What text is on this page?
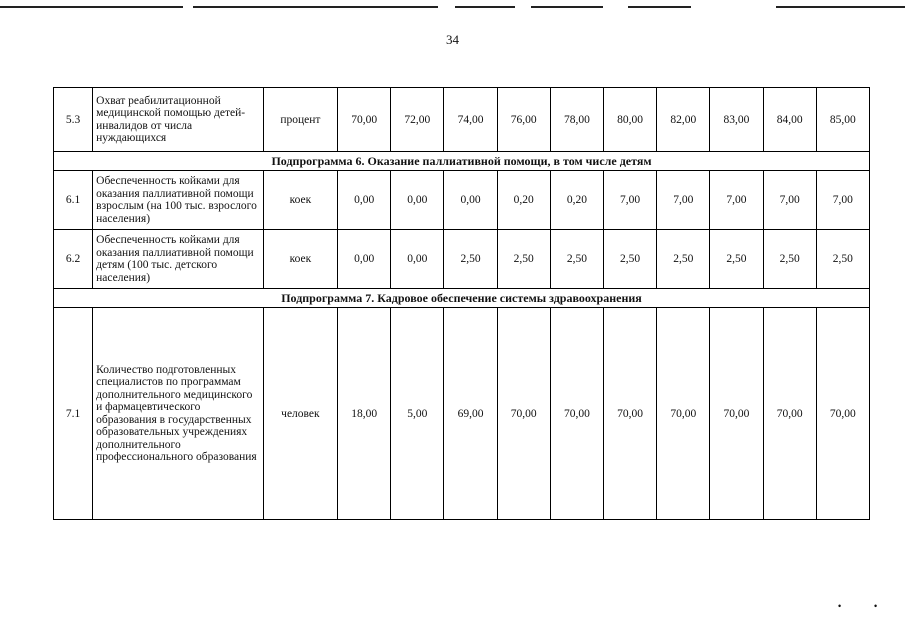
34
5.3	Охват реабилитационной медицинской помощью детей-инвалидов от числа нуждающихся	процент	70,00	72,00	74,00	76,00	78,00	80,00	82,00	83,00	84,00	85,00
Подпрограмма 6. Оказание паллиативной помощи, в том числе детям												
6.1	Обеспеченность койками для оказания паллиативной помощи взрослым (на 100 тыс. взрослого населения)	коек	0,00	0,00	0,00	0,20	0,20	7,00	7,00	7,00	7,00	7,00
6.2	Обеспеченность койками для оказания паллиативной помощи детям (100 тыс. детского населения)	коек	0,00	0,00	2,50	2,50	2,50	2,50	2,50	2,50	2,50	2,50
Подпрограмма 7. Кадровое обеспечение системы здравоохранения												
7.1	Количество подготовленных специалистов по программам дополнительного медицинского и фармацевтического образования в государственных образовательных учреждениях дополнительного профессионального образования	человек	18,00	5,00	69,00	70,00	70,00	70,00	70,00	70,00	70,00	70,00
•	•
